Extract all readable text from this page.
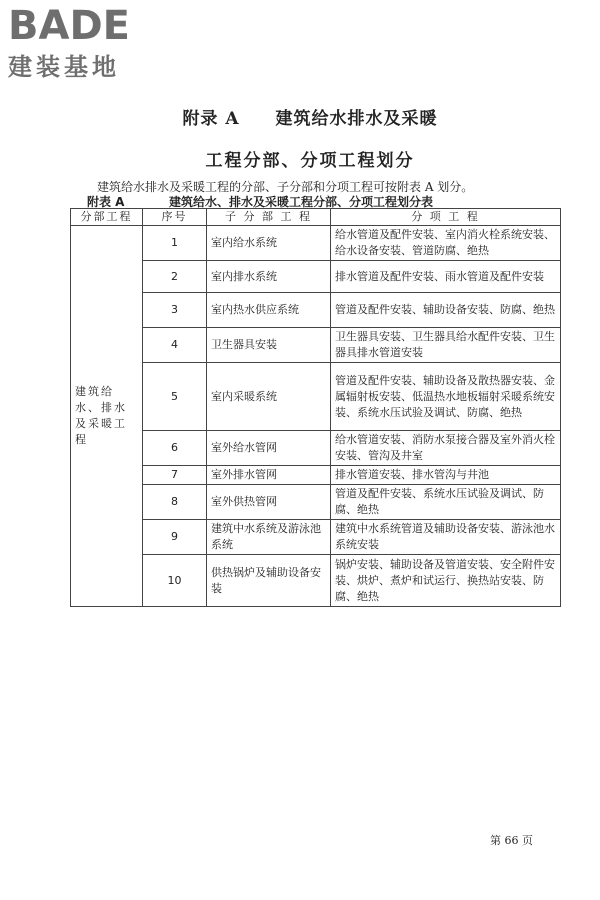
BADE
建装基地
附录 A　　建筑给水排水及采暖
工程分部、分项工程划分
建筑给水排水及采暖工程的分部、子分部和分项工程可按附表 A 划分。
附表 A	建筑给水、排水及采暖工程分部、分项工程划分表
分部工程	序号	子 分 部 工 程	分 项 工 程
建筑给水、排水及采暖工程	1	室内给水系统	给水管道及配件安装、室内消火栓系统安装、给水设备安装、管道防腐、绝热
	2	室内排水系统	排水管道及配件安装、雨水管道及配件安装
	3	室内热水供应系统	管道及配件安装、辅助设备安装、防腐、绝热
	4	卫生器具安装	卫生器具安装、卫生器具给水配件安装、卫生器具排水管道安装
	5	室内采暖系统	管道及配件安装、辅助设备及散热器安装、金属辐射板安装、低温热水地板辐射采暖系统安装、系统水压试验及调试、防腐、绝热
	6	室外给水管网	给水管道安装、消防水泵接合器及室外消火栓安装、管沟及井室
	7	室外排水管网	排水管道安装、排水管沟与井池
	8	室外供热管网	管道及配件安装、系统水压试验及调试、防腐、绝热
	9	建筑中水系统及游泳池系统	建筑中水系统管道及辅助设备安装、游泳池水系统安装
	10	供热锅炉及辅助设备安装	锅炉安装、辅助设备及管道安装、安全附件安装、烘炉、煮炉和试运行、换热站安装、防腐、绝热
第 66 页
